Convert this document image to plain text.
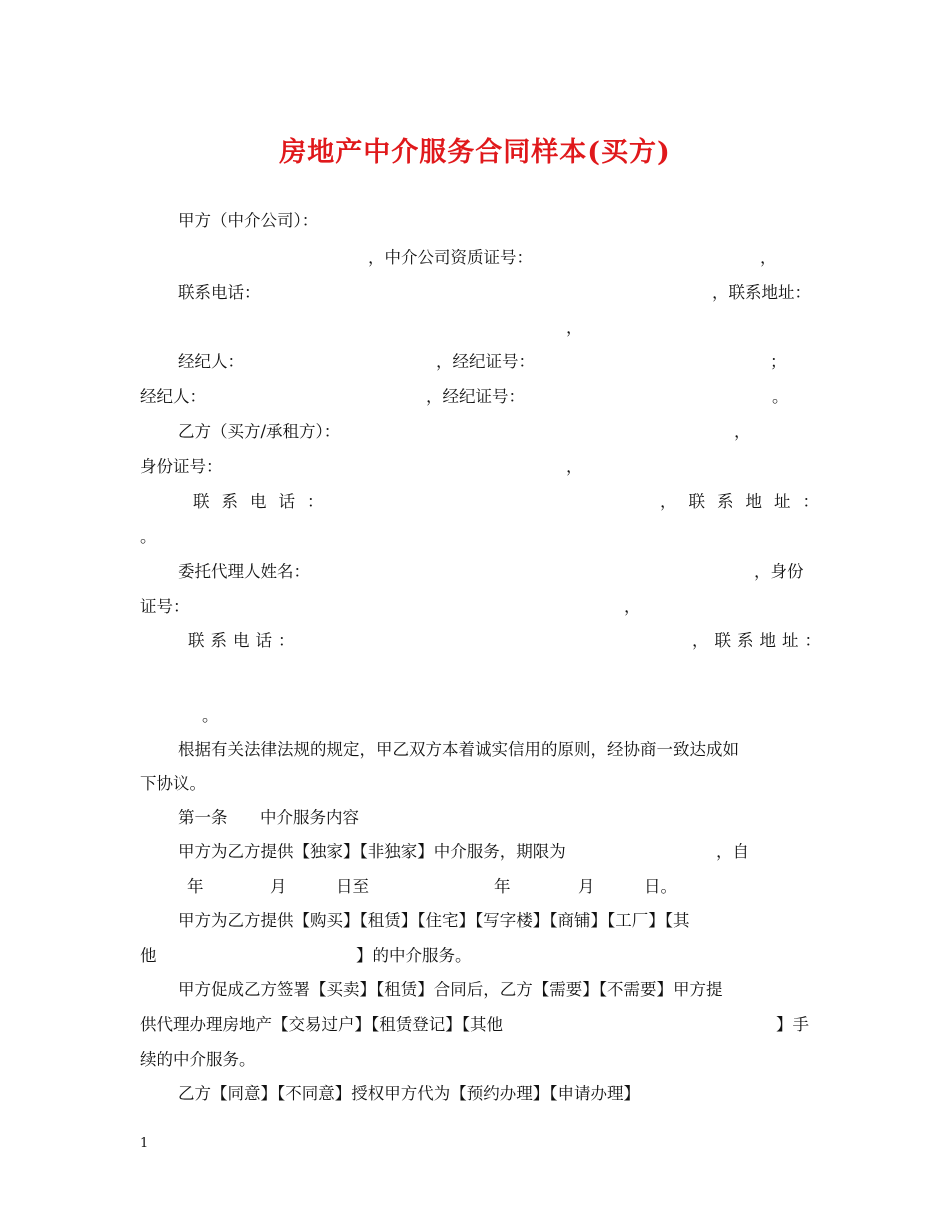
房地产中介服务合同样本(买方)
甲方（中介公司）：
，中介公司资质证号：	，
联系电话：	，联系地址：
，
经纪人：	，经纪证号：	；
经纪人：	，经纪证号：	。
乙方（买方/承租方）：	，
身份证号：	，
联系电话：	，联系地址：
。
委托代理人姓名：	，身份
证号：	，
联系电话：	，联系地址：
。
根据有关法律法规的规定，甲乙双方本着诚实信用的原则，经协商一致达成如
下协议。
第一条 中介服务内容
甲方为乙方提供【独家】【非独家】中介服务，期限为	，自
年	月	日至	年	月	日。
甲方为乙方提供【购买】【租赁】【住宅】【写字楼】【商铺】【工厂】【其
他	】的中介服务。
甲方促成乙方签署【买卖】【租赁】合同后，乙方【需要】【不需要】甲方提
供代理办理房地产【交易过户】【租赁登记】【其他	】手
续的中介服务。
乙方【同意】【不同意】授权甲方代为【预约办理】【申请办理】
1
